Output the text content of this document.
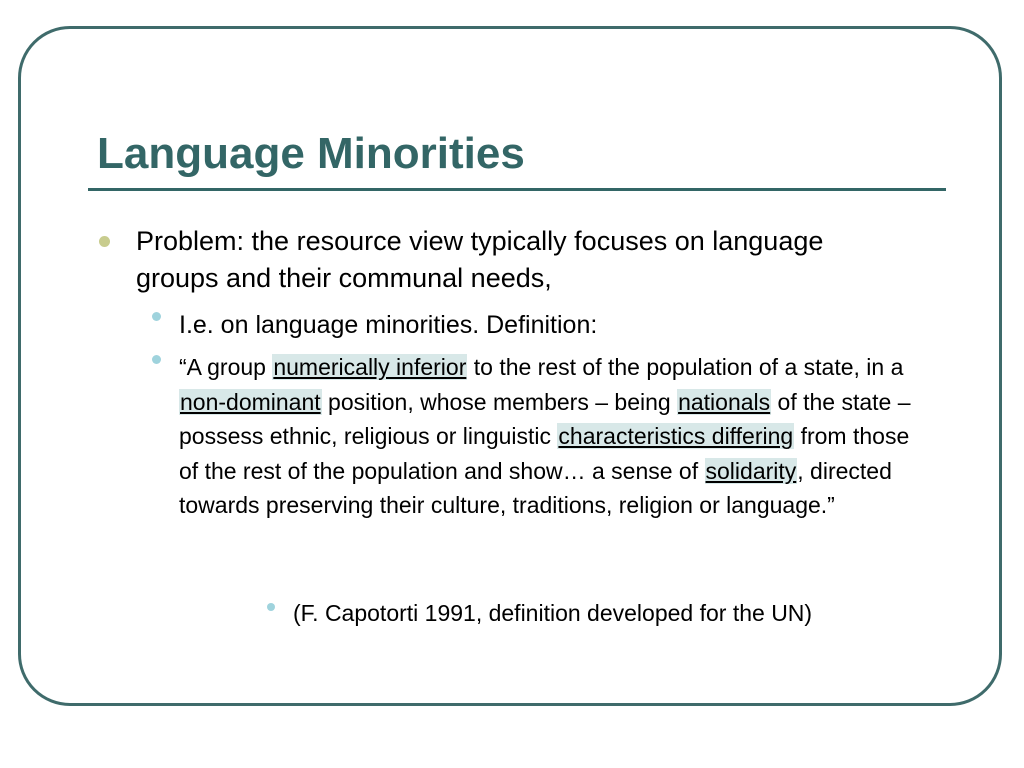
Language Minorities
Problem: the resource view typically focuses on language groups and their communal needs,
I.e. on language minorities. Definition:
“A group numerically inferior to the rest of the population of a state, in a non-dominant position, whose members – being nationals of the state – possess ethnic, religious or linguistic characteristics differing from those of the rest of the population and show… a sense of solidarity, directed towards preserving their culture, traditions, religion or language.”
(F. Capotorti 1991, definition developed for the UN)
